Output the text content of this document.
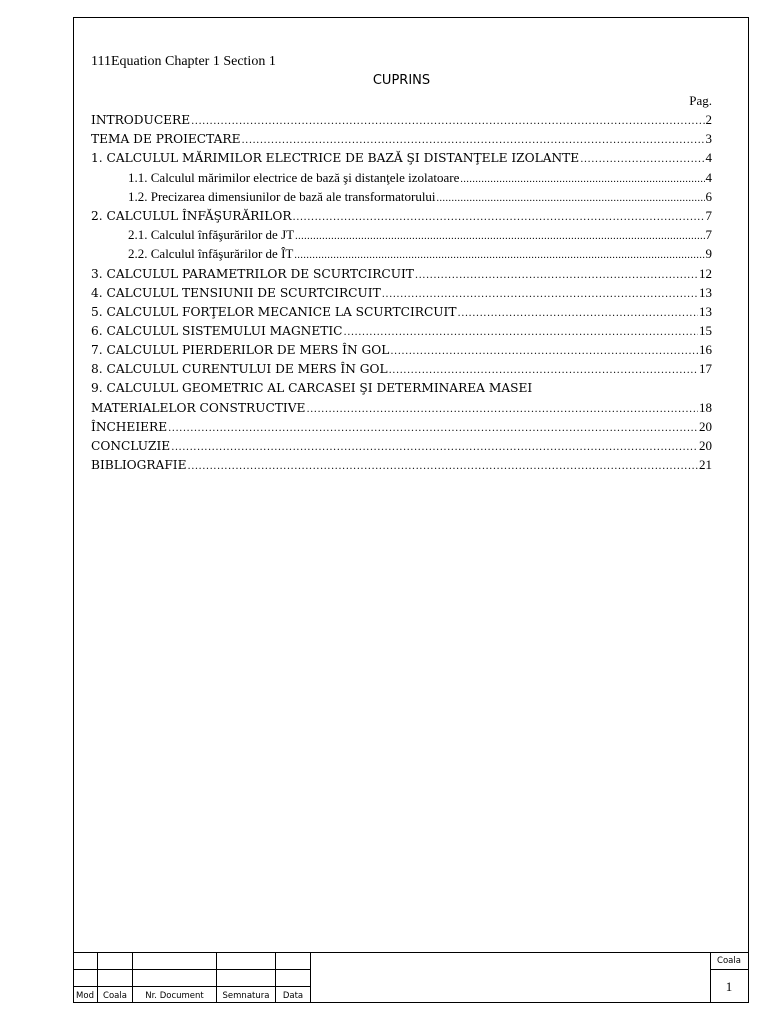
111Equation Chapter 1 Section 1
CUPRINS
Pag.
INTRODUCERE .....	2
TEMA DE PROIECTARE .....	3
1. CALCULUL MĂRIMILOR ELECTRICE DE BAZĂ ŞI DISTANŢELE IZOLANTE .....	4
1.1. Calculul mărimilor electrice de bază şi distanţele izolatoare .....	4
1.2. Precizarea dimensiunilor de bază ale transformatorului .....	6
2. CALCULUL ÎNFĂŞURĂRILOR .....	7
2.1. Calculul înfăşurărilor de JT .....	7
2.2. Calculul înfăşurărilor de ÎT .....	9
3. CALCULUL PARAMETRILOR DE SCURTCIRCUIT .....	12
4. CALCULUL TENSIUNII DE SCURTCIRCUIT .....	13
5. CALCULUL FORŢELOR MECANICE LA SCURTCIRCUIT .....	13
6. CALCULUL SISTEMULUI MAGNETIC .....	15
7. CALCULUL PIERDERILOR DE MERS ÎN GOL .....	16
8. CALCULUL CURENTULUI DE MERS ÎN GOL .....	17
9. CALCULUL GEOMETRIC AL CARCASEI ŞI DETERMINAREA MASEI
MATERIALELOR CONSTRUCTIVE .....	18
ÎNCHEIERE .....	20
CONCLUZIE .....	20
BIBLIOGRAFIE .....	21
Mod	Coala	Nr. Document	Semnatura	Data
Coala
1
